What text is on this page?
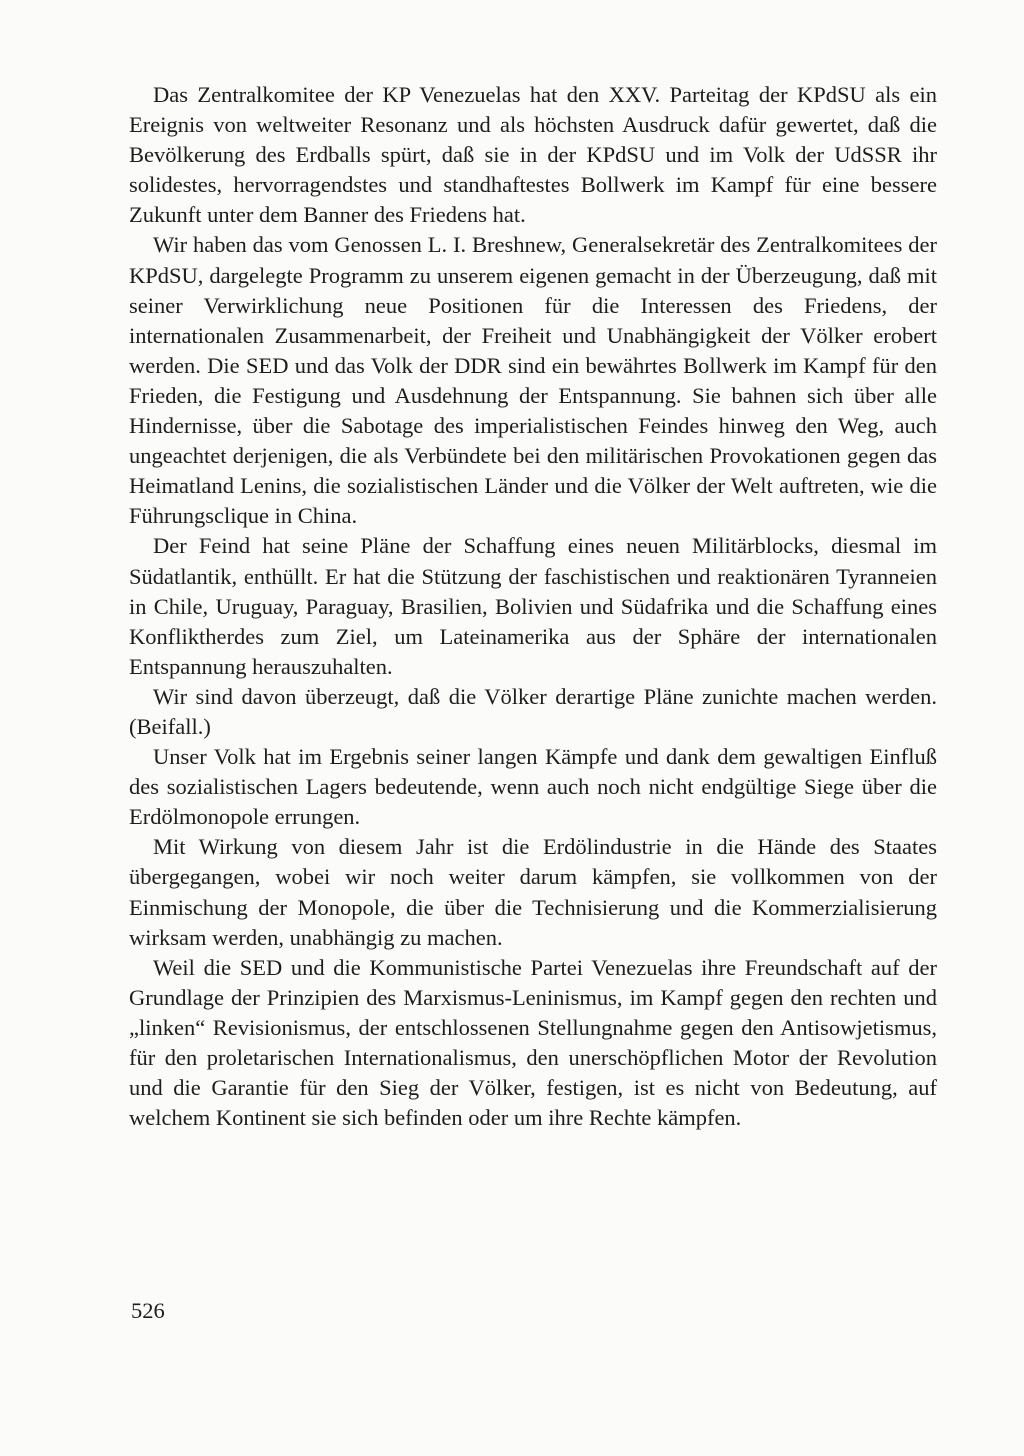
Das Zentralkomitee der KP Venezuelas hat den XXV. Parteitag der KPdSU als ein Ereignis von weltweiter Resonanz und als höchsten Ausdruck dafür gewertet, daß die Bevölkerung des Erdballs spürt, daß sie in der KPdSU und im Volk der UdSSR ihr solidestes, hervorragendstes und standhaftestes Bollwerk im Kampf für eine bessere Zukunft unter dem Banner des Friedens hat.

Wir haben das vom Genossen L. I. Breshnew, Generalsekretär des Zentralkomitees der KPdSU, dargelegte Programm zu unserem eigenen gemacht in der Überzeugung, daß mit seiner Verwirklichung neue Positionen für die Interessen des Friedens, der internationalen Zusammenarbeit, der Freiheit und Unabhängigkeit der Völker erobert werden. Die SED und das Volk der DDR sind ein bewährtes Bollwerk im Kampf für den Frieden, die Festigung und Ausdehnung der Entspannung. Sie bahnen sich über alle Hindernisse, über die Sabotage des imperialistischen Feindes hinweg den Weg, auch ungeachtet derjenigen, die als Verbündete bei den militärischen Provokationen gegen das Heimatland Lenins, die sozialistischen Länder und die Völker der Welt auftreten, wie die Führungsclique in China.

Der Feind hat seine Pläne der Schaffung eines neuen Militärblocks, diesmal im Südatlantik, enthüllt. Er hat die Stützung der faschistischen und reaktionären Tyranneien in Chile, Uruguay, Paraguay, Brasilien, Bolivien und Südafrika und die Schaffung eines Konfliktherdes zum Ziel, um Lateinamerika aus der Sphäre der internationalen Entspannung herauszuhalten.

Wir sind davon überzeugt, daß die Völker derartige Pläne zunichte machen werden. (Beifall.)

Unser Volk hat im Ergebnis seiner langen Kämpfe und dank dem gewaltigen Einfluß des sozialistischen Lagers bedeutende, wenn auch noch nicht endgültige Siege über die Erdölmonopole errungen.

Mit Wirkung von diesem Jahr ist die Erdölindustrie in die Hände des Staates übergegangen, wobei wir noch weiter darum kämpfen, sie vollkommen von der Einmischung der Monopole, die über die Technisierung und die Kommerzialisierung wirksam werden, unabhängig zu machen.

Weil die SED und die Kommunistische Partei Venezuelas ihre Freundschaft auf der Grundlage der Prinzipien des Marxismus-Leninismus, im Kampf gegen den rechten und „linken“ Revisionismus, der entschlossenen Stellungnahme gegen den Antisowjetismus, für den proletarischen Internationalismus, den unerschöpflichen Motor der Revolution und die Garantie für den Sieg der Völker, festigen, ist es nicht von Bedeutung, auf welchem Kontinent sie sich befinden oder um ihre Rechte kämpfen.

526
